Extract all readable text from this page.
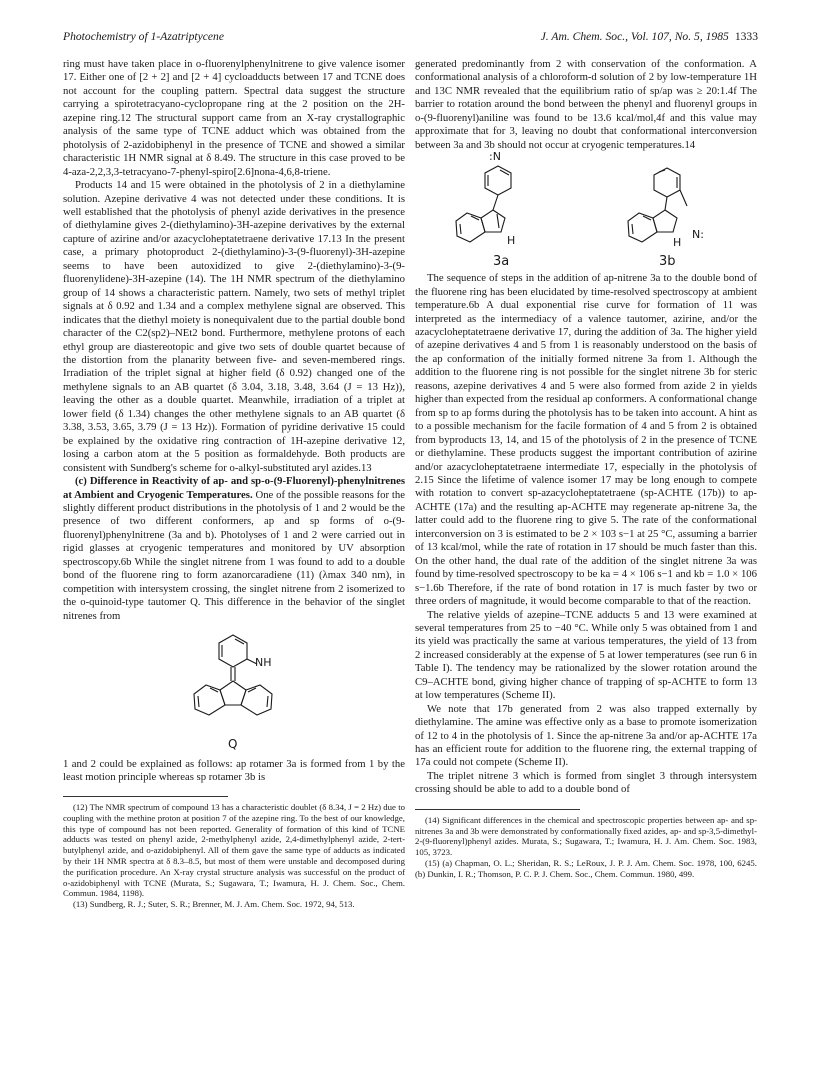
Photochemistry of 1-Azatriptycene	J. Am. Chem. Soc., Vol. 107, No. 5, 1985 1333

ring must have taken place in o-fluorenylphenylnitrene to give valence isomer 17. Either one of [2 + 2] and [2 + 4] cycloadducts between 17 and TCNE does not account for the coupling pattern. Spectral data suggest the structure carrying a spirotetracyano-cyclopropane ring at the 2 position on the 2H-azepine ring.12 The structural support came from an X-ray crystallographic analysis of the same type of TCNE adduct which was obtained from the photolysis of 2-azidobiphenyl in the presence of TCNE and showed a similar characteristic 1H NMR signal at δ 8.49. The structure in this case proved to be 4-aza-2,2,3,3-tetracyano-7-phenyl-spiro[2.6]nona-4,6,8-triene.

Products 14 and 15 were obtained in the photolysis of 2 in a diethylamine solution. Azepine derivative 4 was not detected under these conditions. It is well established that the photolysis of phenyl azide derivatives in the presence of diethylamine gives 2-(diethylamino)-3H-azepine derivatives by the external capture of azirine and/or azacycloheptatetraene derivative 17.13 In the present case, a primary photoproduct 2-(diethylamino)-3-(9-fluorenyl)-3H-azepine seems to have been autoxidized to give 2-(diethylamino)-3-(9-fluorenylidene)-3H-azepine (14). The 1H NMR spectrum of the diethylamino group of 14 shows a characteristic pattern. Namely, two sets of methyl triplet signals at δ 0.92 and 1.34 and a complex methylene signal are observed. This indicates that the diethyl moiety is nonequivalent due to the partial double bond character of the C2(sp2)–NEt2 bond. Furthermore, methylene protons of each ethyl group are diastereotopic and give two sets of double quartet because of the distortion from the planarity between five- and seven-membered rings. Irradiation of the triplet signal at higher field (δ 0.92) changed one of the methylene signals to an AB quartet (δ 3.04, 3.18, 3.48, 3.64 (J = 13 Hz)), leaving the other as a double quartet. Meanwhile, irradiation of a triplet at lower field (δ 1.34) changes the other methylene signals to an AB quartet (δ 3.38, 3.53, 3.65, 3.79 (J = 13 Hz)). Formation of pyridine derivative 15 could be explained by the oxidative ring contraction of 1H-azepine derivative 12, losing a carbon atom at the 5 position as formaldehyde. Both products are consistent with Sundberg's scheme for o-alkyl-substituted aryl azides.13

(c) Difference in Reactivity of ap- and sp-o-(9-Fluorenyl)-phenylnitrenes at Ambient and Cryogenic Temperatures. One of the possible reasons for the slightly different product distributions in the photolysis of 1 and 2 would be the presence of two different conformers, ap and sp forms of o-(9-fluorenyl)phenylnitrene (3a and b). Photolyses of 1 and 2 were carried out in rigid glasses at cryogenic temperatures and monitored by UV absorption spectroscopy.6b While the singlet nitrene from 1 was found to add to a double bond of the fluorene ring to form azanorcaradiene (11) (λmax 340 nm), in competition with intersystem crossing, the singlet nitrene from 2 isomerized to the o-quinoid-type tautomer Q. This difference in the behavior of the singlet nitrenes from

NH
Q

1 and 2 could be explained as follows: ap rotamer 3a is formed from 1 by the least motion principle whereas sp rotamer 3b is

(12) The NMR spectrum of compound 13 has a characteristic doublet (δ 8.34, J = 2 Hz) due to coupling with the methine proton at position 7 of the azepine ring. To the best of our knowledge, this type of compound has not been reported. Generality of formation of this kind of TCNE adducts was tested on phenyl azide, 2-methylphenyl azide, 2,4-dimethylphenyl azide, 2-tert-butylphenyl azide, and o-azidobiphenyl. All of them gave the same type of adducts as indicated by their 1H NMR spectra at δ 8.3–8.5, but most of them were unstable and decomposed during the purification procedure. An X-ray crystal structure analysis was successful on the product of o-azidobiphenyl with TCNE (Murata, S.; Sugawara, T.; Iwamura, H. J. Chem. Soc., Chem. Commun. 1984, 1198).

(13) Sundberg, R. J.; Suter, S. R.; Brenner, M. J. Am. Chem. Soc. 1972, 94, 513.

generated predominantly from 2 with conservation of the conformation. A conformational analysis of a chloroform-d solution of 2 by low-temperature 1H and 13C NMR revealed that the equilibrium ratio of sp/ap was ≥ 20:1.4f The barrier to rotation around the bond between the phenyl and fluorenyl groups in o-(9-fluorenyl)aniline was found to be 13.6 kcal/mol,4f and this value may approximate that for 3, leaving no doubt that conformational interconversion between 3a and 3b should not occur at cryogenic temperatures.14

:N
H	H
N:
3a	3b

The sequence of steps in the addition of ap-nitrene 3a to the double bond of the fluorene ring has been elucidated by time-resolved spectroscopy at ambient temperature.6b A dual exponential rise curve for formation of 11 was interpreted as the intermediacy of a valence tautomer, azirine, and/or the azacycloheptatetraene derivative 17, during the addition of 3a. The higher yield of azepine derivatives 4 and 5 from 1 is reasonably understood on the basis of the ap conformation of the initially formed nitrene 3a from 1. Although the addition to the fluorene ring is not possible for the singlet nitrene 3b for steric reasons, azepine derivatives 4 and 5 were also formed from azide 2 in yields higher than expected from the residual ap conformers. A conformational change from sp to ap forms during the photolysis has to be taken into account. A hint as to a possible mechanism for the facile formation of 4 and 5 from 2 is obtained from byproducts 13, 14, and 15 of the photolysis of 2 in the presence of TCNE or diethylamine. These products suggest the important contribution of azirine and/or azacycloheptatetraene intermediate 17, especially in the photolysis of 2.15 Since the lifetime of valence isomer 17 may be long enough to compete with rotation to convert sp-azacycloheptatetraene (sp-ACHTE (17b)) to ap-ACHTE (17a) and the resulting ap-ACHTE may regenerate ap-nitrene 3a, the latter could add to the fluorene ring to give 5. The rate of the conformational interconversion on 3 is estimated to be 2 × 103 s−1 at 25 °C, assuming a barrier of 13 kcal/mol, while the rate of rotation in 17 should be much faster than this. On the other hand, the dual rate of the addition of the singlet nitrene 3a was found by time-resolved spectroscopy to be ka = 4 × 106 s−1 and kb = 1.0 × 106 s−1.6b Therefore, if the rate of bond rotation in 17 is much faster by two or three orders of magnitude, it would become comparable to that of the reaction.

The relative yields of azepine–TCNE adducts 5 and 13 were examined at several temperatures from 25 to −40 °C. While only 5 was obtained from 1 and its yield was practically the same at various temperatures, the yield of 13 from 2 increased considerably at the expense of 5 at lower temperatures (see run 6 in Table I). The tendency may be rationalized by the slower rotation around the C9–ACHTE bond, giving higher chance of trapping of sp-ACHTE to form 13 at low temperatures (Scheme II).

We note that 17b generated from 2 was also trapped externally by diethylamine. The amine was effective only as a base to promote isomerization of 12 to 4 in the photolysis of 1. Since the ap-nitrene 3a and/or ap-ACHTE 17a has an efficient route for addition to the fluorene ring, the external trapping of 17a could not compete (Scheme II).

The triplet nitrene 3 which is formed from singlet 3 through intersystem crossing should be able to add to a double bond of

(14) Significant differences in the chemical and spectroscopic properties between ap- and sp-nitrenes 3a and 3b were demonstrated by conformationally fixed azides, ap- and sp-3,5-dimethyl-2-(9-fluorenyl)phenyl azides. Murata, S.; Sugawara, T.; Iwamura, H. J. Am. Chem. Soc. 1983, 105, 3723.

(15) (a) Chapman, O. L.; Sheridan, R. S.; LeRoux, J. P. J. Am. Chem. Soc. 1978, 100, 6245. (b) Dunkin, I. R.; Thomson, P. C. P. J. Chem. Soc., Chem. Commun. 1980, 499.
